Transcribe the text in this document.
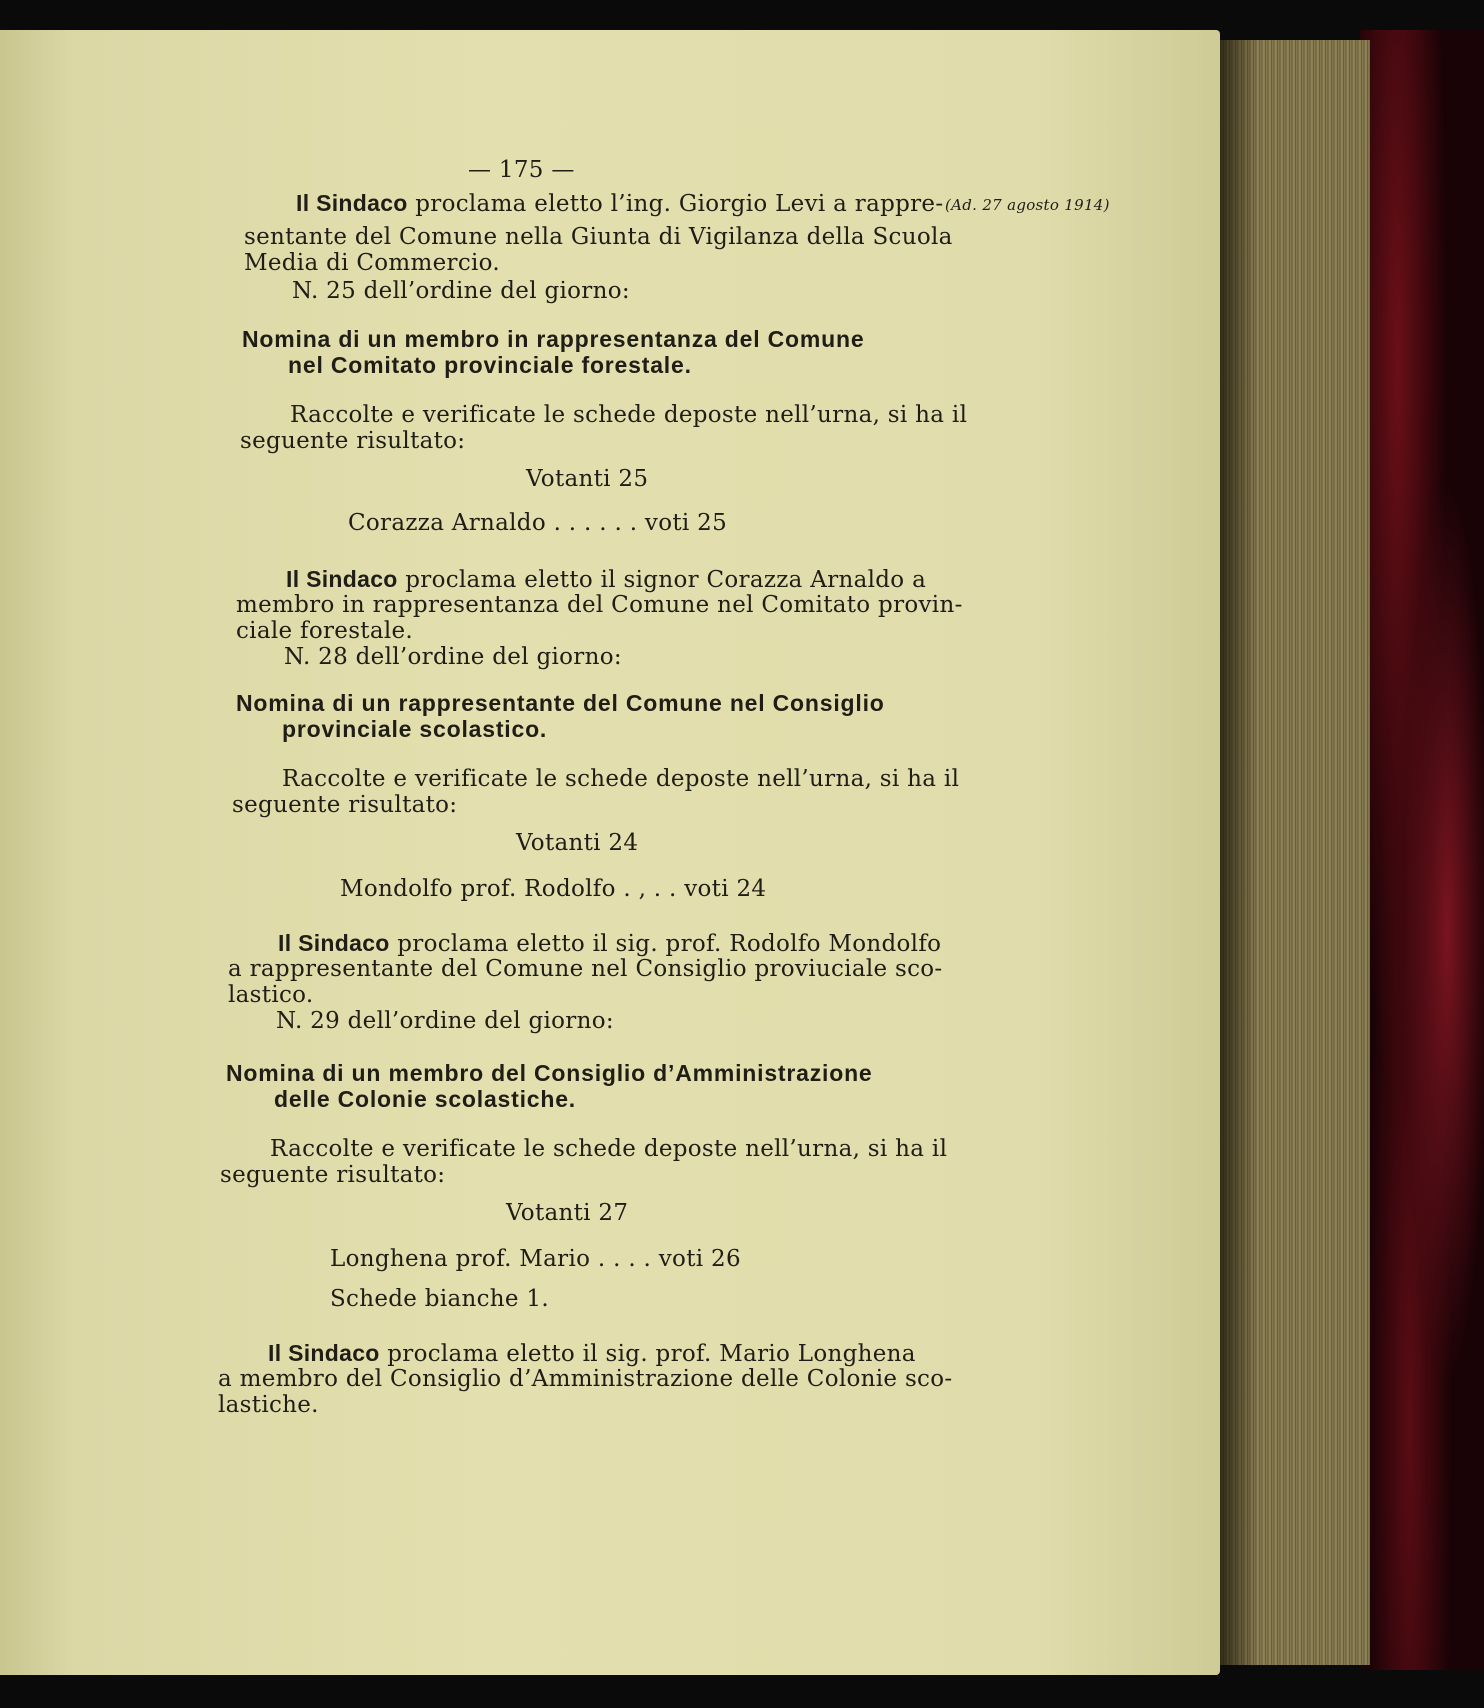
— 175 —
Il Sindaco proclama eletto l’ing. Giorgio Levi a rappre- (Ad. 27 agosto 1914)
sentante del Comune nella Giunta di Vigilanza della Scuola
Media di Commercio.
N. 25 dell’ordine del giorno:
Nomina di un membro in rappresentanza del Comune
nel Comitato provinciale forestale.
Raccolte e verificate le schede deposte nell’urna, si ha il
seguente risultato:
Votanti 25
Corazza Arnaldo . . . . . . voti 25
Il Sindaco proclama eletto il signor Corazza Arnaldo a
membro in rappresentanza del Comune nel Comitato provin-
ciale forestale.
N. 28 dell’ordine del giorno:
Nomina di un rappresentante del Comune nel Consiglio
provinciale scolastico.
Raccolte e verificate le schede deposte nell’urna, si ha il
seguente risultato:
Votanti 24
Mondolfo prof. Rodolfo . , . . voti 24
Il Sindaco proclama eletto il sig. prof. Rodolfo Mondolfo
a rappresentante del Comune nel Consiglio proviuciale sco-
lastico.
N. 29 dell’ordine del giorno:
Nomina di un membro del Consiglio d’Amministrazione
delle Colonie scolastiche.
Raccolte e verificate le schede deposte nell’urna, si ha il
seguente risultato:
Votanti 27
Longhena prof. Mario . . . . voti 26
Schede bianche 1.
Il Sindaco proclama eletto il sig. prof. Mario Longhena
a membro del Consiglio d’Amministrazione delle Colonie sco-
lastiche.
